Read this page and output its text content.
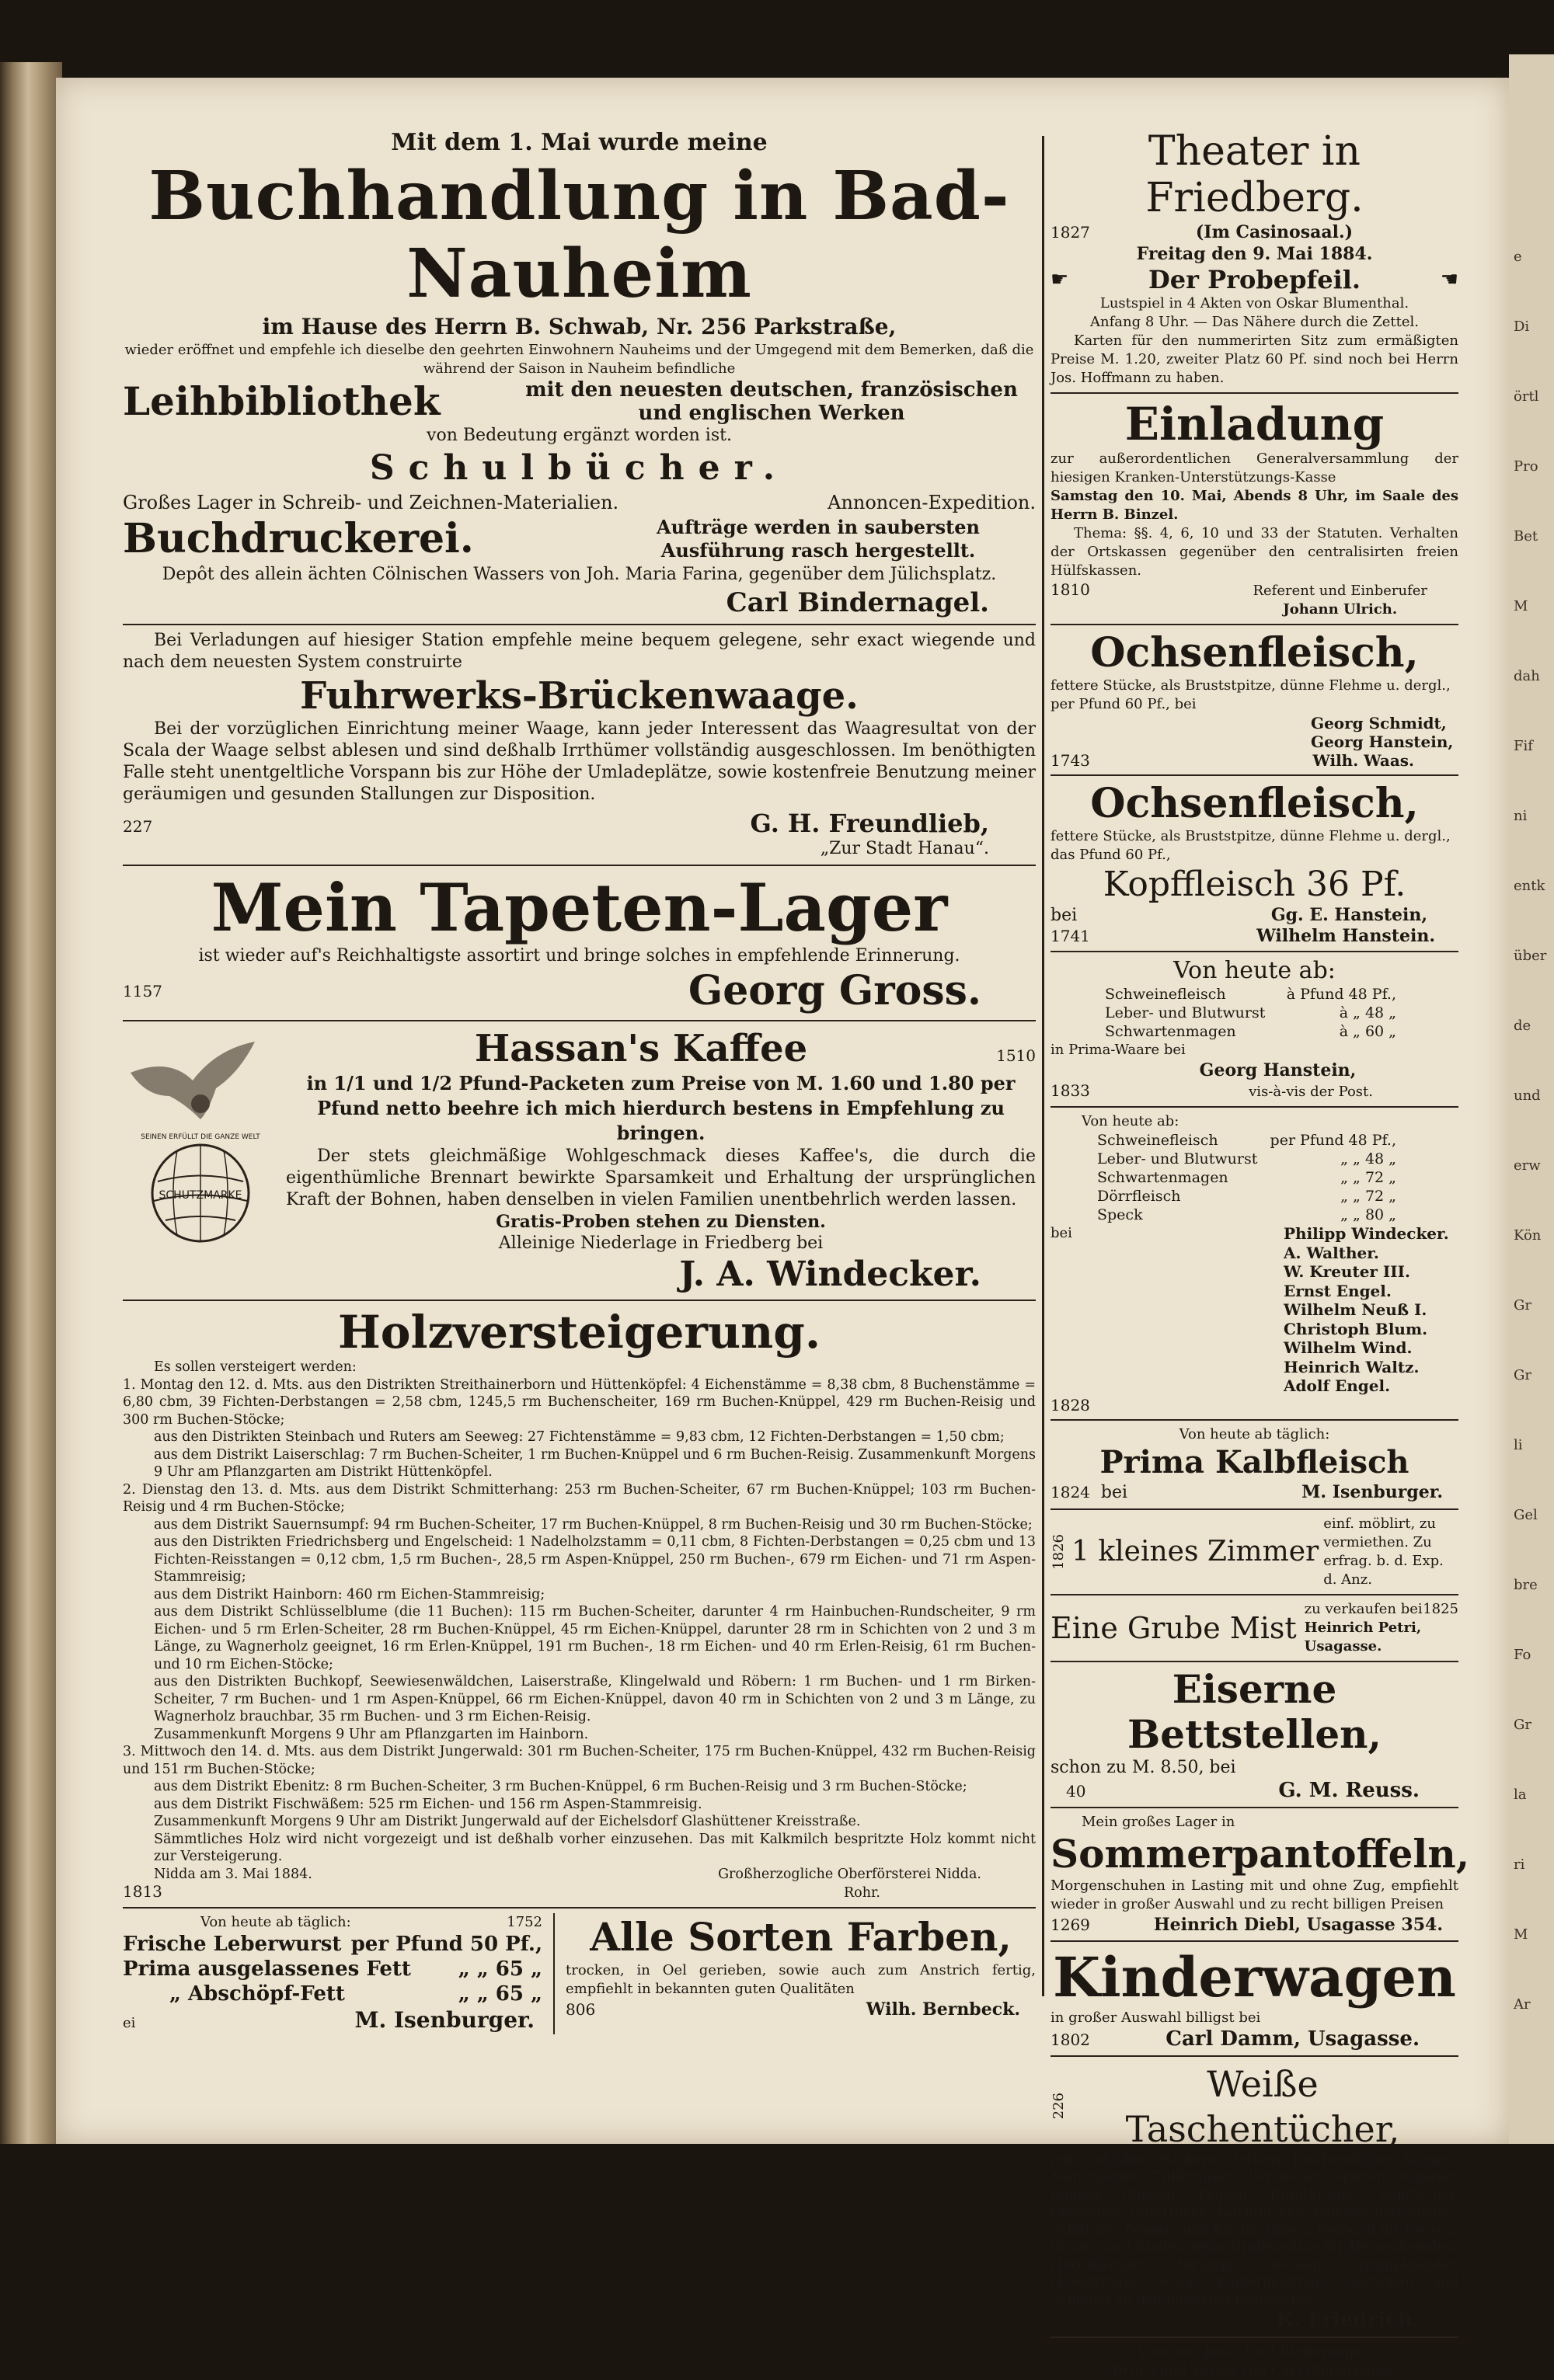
e
Di
örtl
Pro
Bet
M
dah
Fif
ni
entk
über
de
und
erw
Kön
Gr
Gr
li
Gel
bre
Fo
Gr
la
ri
M
Ar

Mit dem 1. Mai wurde meine

Buchhandlung in Bad-Nauheim

im Hause des Herrn B. Schwab, Nr. 256 Parkstraße,

wieder eröffnet und empfehle ich dieselbe den geehrten Einwohnern Nauheims und der Umgegend mit dem Bemerken, daß die während der Saison in Nauheim befindliche

Leihbibliothek	mit den neuesten deutschen, französischen und englischen Werken

von Bedeutung ergänzt worden ist.

Schulbücher.

Großes Lager in Schreib- und Zeichnen-Materialien.	Annoncen-Expedition.

Buchdruckerei.	Aufträge werden in saubersten Ausführung rasch hergestellt.

Depôt des allein ächten Cölnischen Wassers von Joh. Maria Farina, gegenüber dem Jülichsplatz.

Carl Bindernagel.

Bei Verladungen auf hiesiger Station empfehle meine bequem gelegene, sehr exact wiegende und nach dem neuesten System construirte

Fuhrwerks-Brückenwaage.

Bei der vorzüglichen Einrichtung meiner Waage, kann jeder Interessent das Waagresultat von der Scala der Waage selbst ablesen und sind deßhalb Irrthümer vollständig ausgeschlossen. Im benöthigten Falle steht unentgeltliche Vorspann bis zur Höhe der Umladeplätze, sowie kostenfreie Benutzung meiner geräumigen und gesunden Stallungen zur Disposition.

227	G. H. Freundlieb,

„Zur Stadt Hanau“.

Mein Tapeten-Lager

ist wieder auf's Reichhaltigste assortirt und bringe solches in empfehlende Erinnerung.

1157	Georg Gross.

SCHUTZMARKE
SEINEN ERFÜLLT DIE GANZE WELT

Hassan's Kaffee	1510

in 1/1 und 1/2 Pfund-Packeten zum Preise von M. 1.60 und 1.80 per Pfund netto beehre ich mich hierdurch bestens in Empfehlung zu bringen.

Der stets gleichmäßige Wohlgeschmack dieses Kaffee's, die durch die eigenthümliche Brennart bewirkte Sparsamkeit und Erhaltung der ursprünglichen Kraft der Bohnen, haben denselben in vielen Familien unentbehrlich werden lassen.

Gratis-Proben stehen zu Diensten.

Alleinige Niederlage in Friedberg bei

J. A. Windecker.

Holzversteigerung.

Es sollen versteigert werden:

1. Montag den 12. d. Mts. aus den Distrikten Streithainerborn und Hüttenköpfel: 4 Eichenstämme = 8,38 cbm, 8 Buchenstämme = 6,80 cbm, 39 Fichten-Derbstangen = 2,58 cbm, 1245,5 rm Buchenscheiter, 169 rm Buchen-Knüppel, 429 rm Buchen-Reisig und 300 rm Buchen-Stöcke;

aus den Distrikten Steinbach und Ruters am Seeweg: 27 Fichtenstämme = 9,83 cbm, 12 Fichten-Derbstangen = 1,50 cbm;

aus dem Distrikt Laiserschlag: 7 rm Buchen-Scheiter, 1 rm Buchen-Knüppel und 6 rm Buchen-Reisig. Zusammenkunft Morgens 9 Uhr am Pflanzgarten am Distrikt Hüttenköpfel.

2. Dienstag den 13. d. Mts. aus dem Distrikt Schmitterhang: 253 rm Buchen-Scheiter, 67 rm Buchen-Knüppel; 103 rm Buchen-Reisig und 4 rm Buchen-Stöcke;

aus dem Distrikt Sauernsumpf: 94 rm Buchen-Scheiter, 17 rm Buchen-Knüppel, 8 rm Buchen-Reisig und 30 rm Buchen-Stöcke;

aus den Distrikten Friedrichsberg und Engelscheid: 1 Nadelholzstamm = 0,11 cbm, 8 Fichten-Derbstangen = 0,25 cbm und 13 Fichten-Reisstangen = 0,12 cbm, 1,5 rm Buchen-, 28,5 rm Aspen-Knüppel, 250 rm Buchen-, 679 rm Eichen- und 71 rm Aspen-Stammreisig;

aus dem Distrikt Hainborn: 460 rm Eichen-Stammreisig;

aus dem Distrikt Schlüsselblume (die 11 Buchen): 115 rm Buchen-Scheiter, darunter 4 rm Hainbuchen-Rundscheiter, 9 rm Eichen- und 5 rm Erlen-Scheiter, 28 rm Buchen-Knüppel, 45 rm Eichen-Knüppel, darunter 28 rm in Schichten von 2 und 3 m Länge, zu Wagnerholz geeignet, 16 rm Erlen-Knüppel, 191 rm Buchen-, 18 rm Eichen- und 40 rm Erlen-Reisig, 61 rm Buchen- und 10 rm Eichen-Stöcke;

aus den Distrikten Buchkopf, Seewiesenwäldchen, Laiserstraße, Klingelwald und Röbern: 1 rm Buchen- und 1 rm Birken-Scheiter, 7 rm Buchen- und 1 rm Aspen-Knüppel, 66 rm Eichen-Knüppel, davon 40 rm in Schichten von 2 und 3 m Länge, zu Wagnerholz brauchbar, 35 rm Buchen- und 3 rm Eichen-Reisig.

Zusammenkunft Morgens 9 Uhr am Pflanzgarten im Hainborn.

3. Mittwoch den 14. d. Mts. aus dem Distrikt Jungerwald: 301 rm Buchen-Scheiter, 175 rm Buchen-Knüppel, 432 rm Buchen-Reisig und 151 rm Buchen-Stöcke;

aus dem Distrikt Ebenitz: 8 rm Buchen-Scheiter, 3 rm Buchen-Knüppel, 6 rm Buchen-Reisig und 3 rm Buchen-Stöcke;

aus dem Distrikt Fischwäßem: 525 rm Eichen- und 156 rm Aspen-Stammreisig.

Zusammenkunft Morgens 9 Uhr am Distrikt Jungerwald auf der Eichelsdorf Glashüttener Kreisstraße.

Sämmtliches Holz wird nicht vorgezeigt und ist deßhalb vorher einzusehen. Das mit Kalkmilch bespritzte Holz kommt nicht zur Versteigerung.

Nidda am 3. Mai 1884.	Großherzogliche Oberförsterei Nidda.

1813	Rohr.

Von heute ab täglich:	1752
Frische Leberwurst per Pfund 50 Pf.,
Prima ausgelassenes Fett „ „ 65 „
„ Abschöpf-Fett	„ „ 65 „
ei	M. Isenburger.

Alle Sorten Farben,

trocken, in Oel gerieben, sowie auch zum Anstrich fertig, empfiehlt in bekannten guten Qualitäten

806	Wilh. Bernbeck.

Theater in Friedberg.

1827	(Im Casinosaal.)

Freitag den 9. Mai 1884.

☛	Der Probepfeil.	☚

Lustspiel in 4 Akten von Oskar Blumenthal.

Anfang 8 Uhr. — Das Nähere durch die Zettel.

Karten für den nummerirten Sitz zum ermäßigten Preise M. 1.20, zweiter Platz 60 Pf. sind noch bei Herrn Jos. Hoffmann zu haben.

Einladung

zur außerordentlichen Generalversammlung der hiesigen Kranken-Unterstützungs-Kasse

Samstag den 10. Mai, Abends 8 Uhr, im Saale des Herrn B. Binzel.

Thema: §§. 4, 6, 10 und 33 der Statuten. Verhalten der Ortskassen gegenüber den centralisirten freien Hülfskassen.

1810	Referent und Einberufer

Johann Ulrich.

Ochsenfleisch,

fettere Stücke, als Bruststpitze, dünne Flehme u. dergl., per Pfund 60 Pf., bei

Georg Schmidt,

Georg Hanstein,

1743	Wilh. Waas.

Ochsenfleisch,

fettere Stücke, als Bruststpitze, dünne Flehme u. dergl., das Pfund 60 Pf.,

Kopffleisch 36 Pf.

bei	Gg. E. Hanstein,

1741	Wilhelm Hanstein.

Von heute ab:

Schweinefleisch	à Pfund 48 Pf.,
Leber- und Blutwurst	à „ 48 „
Schwartenmagen	à „ 60 „

in Prima-Waare bei

Georg Hanstein,

1833	vis-à-vis der Post.

Von heute ab:

Schweinefleisch	per Pfund 48 Pf.,
Leber- und Blutwurst	„ „ 48 „
Schwartenmagen	„ „ 72 „
Dörrfleisch	„ „ 72 „
Speck	„ „ 80 „
bei	Philipp Windecker.

A. Walther.

W. Kreuter III.

Ernst Engel.

Wilhelm Neuß I.

Christoph Blum.

Wilhelm Wind.

Heinrich Waltz.

Adolf Engel.

1828

Von heute ab täglich:

Prima Kalbfleisch

1824 bei	M. Isenburger.

1826 1 kleines Zimmer

einf. möblirt, zu vermiethen. Zu erfrag. b. d. Exp. d. Anz.

Eine Grube Mist

zu verkaufen bei 1825

Heinrich Petri, Usagasse.

Eiserne Bettstellen,

schon zu M. 8.50, bei

40	G. M. Reuss.

Mein großes Lager in

Sommerpantoffeln,

Morgenschuhen in Lasting mit und ohne Zug, empfiehlt wieder in großer Auswahl und zu recht billigen Preisen

1269	Heinrich Diebl, Usagasse 354.

Kinderwagen

in großer Auswahl billigst bei

1802	Carl Damm, Usagasse.

226

Weiße Taschentücher,

mit und ohne Stickerei, farbige Taschentücher, Kragen, Manschetten, Tüllkrausen, Vorstecker, Spitzen, Schleier, Bänder, Blumen, Federn, Brautkränze, Kopftücher, Corsetten, Unterröcke, Nachtjacken, Leinene und Alpaka-Schürzen, Frauen- und Kinder-Hosen, Hemden für Herren, Damen und Kinder, seine Bruteinsätze für Herrenhemden, Herrenkragen, Strümpfe, Socken, Strumpfbänder, Hosenträger, sowie Kinderjäckchen, Röckchen und Schlaber zu den billigsten Preisen bei

K. Friedrich.

Verantw. Red.: Carl Bindernagel.

Druck und Verlag von Carl Bindernagel.
